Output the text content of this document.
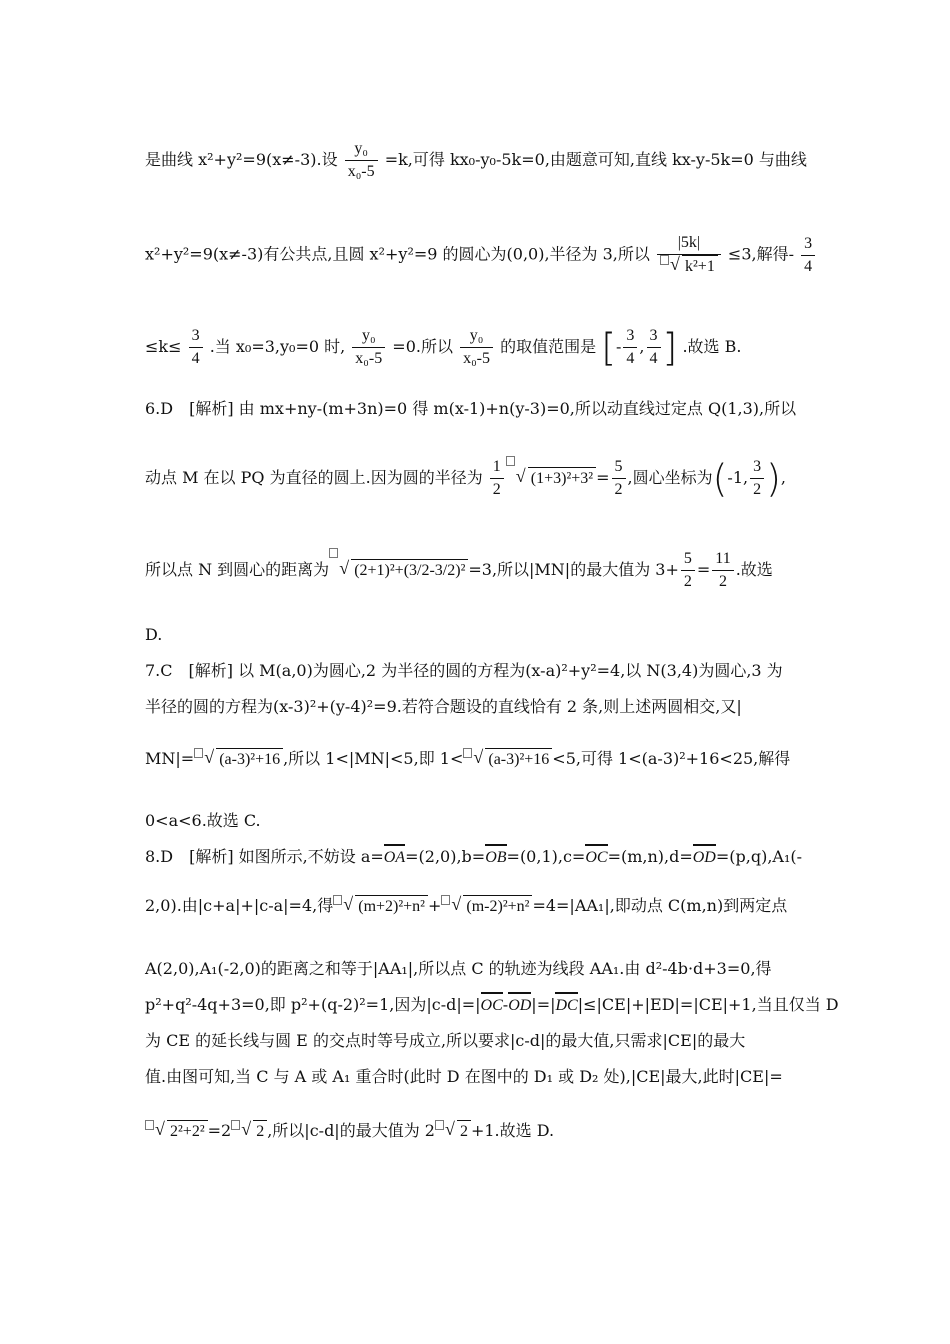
是曲线 x²+y²=9(x≠-3).设 $\frac{\text{y₀}}{\text{x₀-5}} =k$,可得 kx₀-y₀-5k=0,由题意可知,直线 kx-y-5k=0 与曲线
x²+y²=9(x≠-3)有公共点,且圆 x²+y²=9 的圆心为(0,0),半径为 3,所以 |5k|
√ k²+1 ≤3,解得- $\frac{3}{4}$
$\le k\le \frac{3}{4}$ .当 x₀=3,y₀=0 时, $\frac{\text{y₀}}{\text{x₀-5}} =0$.所以 $\frac{\text{y₀}}{\text{x₀-5}}$ 的取值范围是 [- $\frac{3}{4}$ , $\frac{3}{4}$ ] .故选 B.
6.D　[解析] 由 mx+ny-(m+3n)=0 得 m(x-1)+n(y-3)=0,所以动直线过定点 Q(1,3),所以
动点 M 在以 PQ 为直径的圆上.因为圆的半径为 $\frac{1}{2}$ √ $(1+3)^2+3^2 = \frac{5}{2}$ ,圆心坐标为(-1, $\frac{3}{2}$ ),
所以点 N 到圆心的距离为 √ (2+1)²+(3/2-3/2)² =3,所以|MN|的最大值为 $3+ \frac{5}{2} = \frac{11}{2}$ .故选
D.
7.C　[解析] 以 M(a,0)为圆心,2 为半径的圆的方程为(x-a)²+y²=4,以 N(3,4)为圆心,3 为
半径的圆的方程为(x-3)²+(y-4)²=9.若符合题设的直线恰有 2 条,则上述两圆相交,又|
MN|= √ (a-3)²+16 ,所以 1<|MN|<5,即 1< √ (a-3)²+16 <5,可得 1<(a-3)²+16<25,解得
0<a<6.故选 C.
8.D　[解析] 如图所示,不妨设 a=OA=(2,0),b=OB=(0,1),c=OC=(m,n),d=OD=(p,q),A₁(-
2,0).由|c+a|+|c-a|=4,得 √ (m+2)²+n² + √ (m-2)²+n² =4=|AA₁|,即动点 C(m,n)到两定点
A(2,0),A₁(-2,0)的距离之和等于|AA₁|,所以点 C 的轨迹为线段 AA₁.由 d²-4b·d+3=0,得
p²+q²-4q+3=0,即 p²+(q-2)²=1,因为|c-d|=|OC-OD|=|DC|≤|CE|+|ED|=|CE|+1,当且仅当 D
为 CE 的延长线与圆 E 的交点时等号成立,所以要求|c-d|的最大值,只需求|CE|的最大
值.由图可知,当 C 与 A 或 A₁ 重合时(此时 D 在图中的 D₁ 或 D₂ 处),|CE|最大,此时|CE|=
√ 2²+2² =2 √ 2 ,所以|c-d|的最大值为 2 √ 2 +1.故选 D.
